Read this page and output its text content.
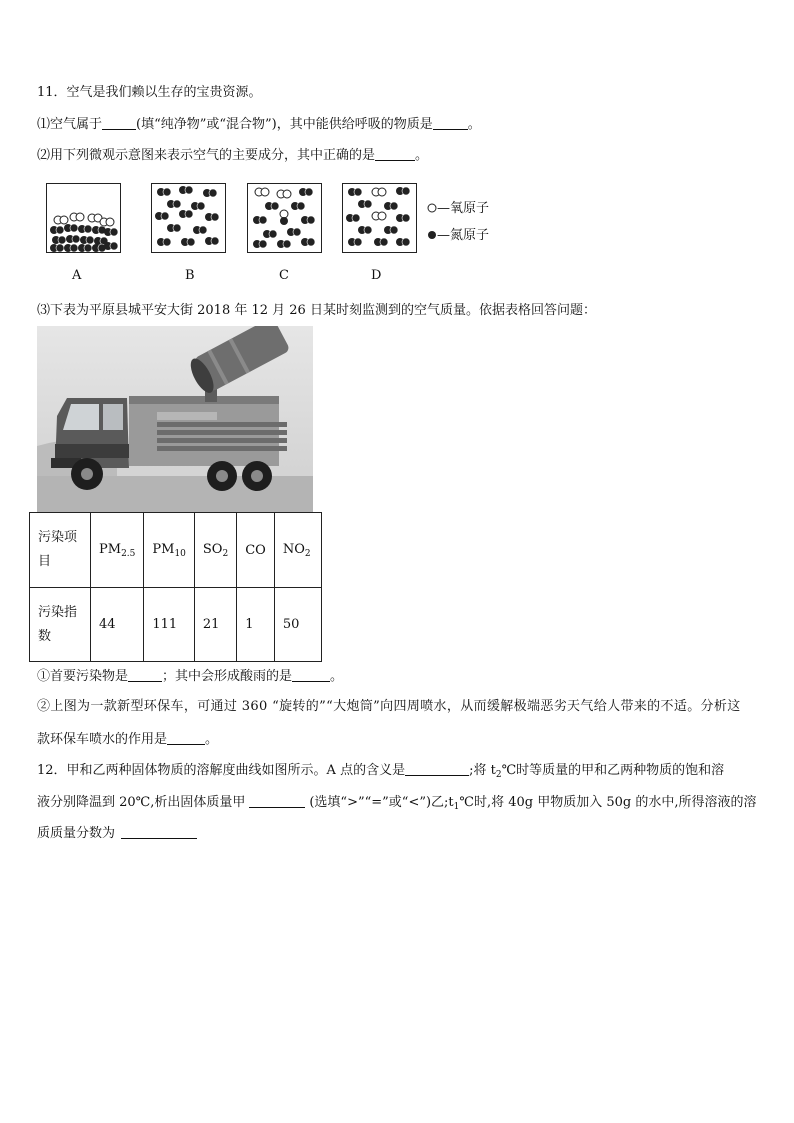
11．空气是我们赖以生存的宝贵资源。
⑴空气属于	(填“纯净物”或“混合物”)，其中能供给呼吸的物质是	。
⑵用下列微观示意图来表示空气的主要成分，其中正确的是	。
A	B	C	D
—氧原子
—氮原子
⑶下表为平原县城平安大街 2018 年 12 月 26 日某时刻监测到的空气质量。依据表格回答问题：
污染项
目	$PM_{2.5}$	$PM_{10}$	$SO_2$	CO	$NO_2$
污染指
数	44	111	21	1	50
①首要污染物是	；其中会形成酸雨的是	。
②上图为一款新型环保车，可通过 360 “旋转的”“大炮筒”向四周喷水，从而缓解极端恶劣天气给人带来的不适。分析这
款环保车喷水的作用是	。
12．甲和乙两种固体物质的溶解度曲线如图所示。A 点的含义是	;将 $t_2℃$时等质量的甲和乙两种物质的饱和溶
液分别降温到 20℃,析出固体质量甲	(选填“>”“=”或“<”)乙$;t_1℃$时,将 40g 甲物质加入 50g 的水中,所得溶液的溶
质质量分数为
